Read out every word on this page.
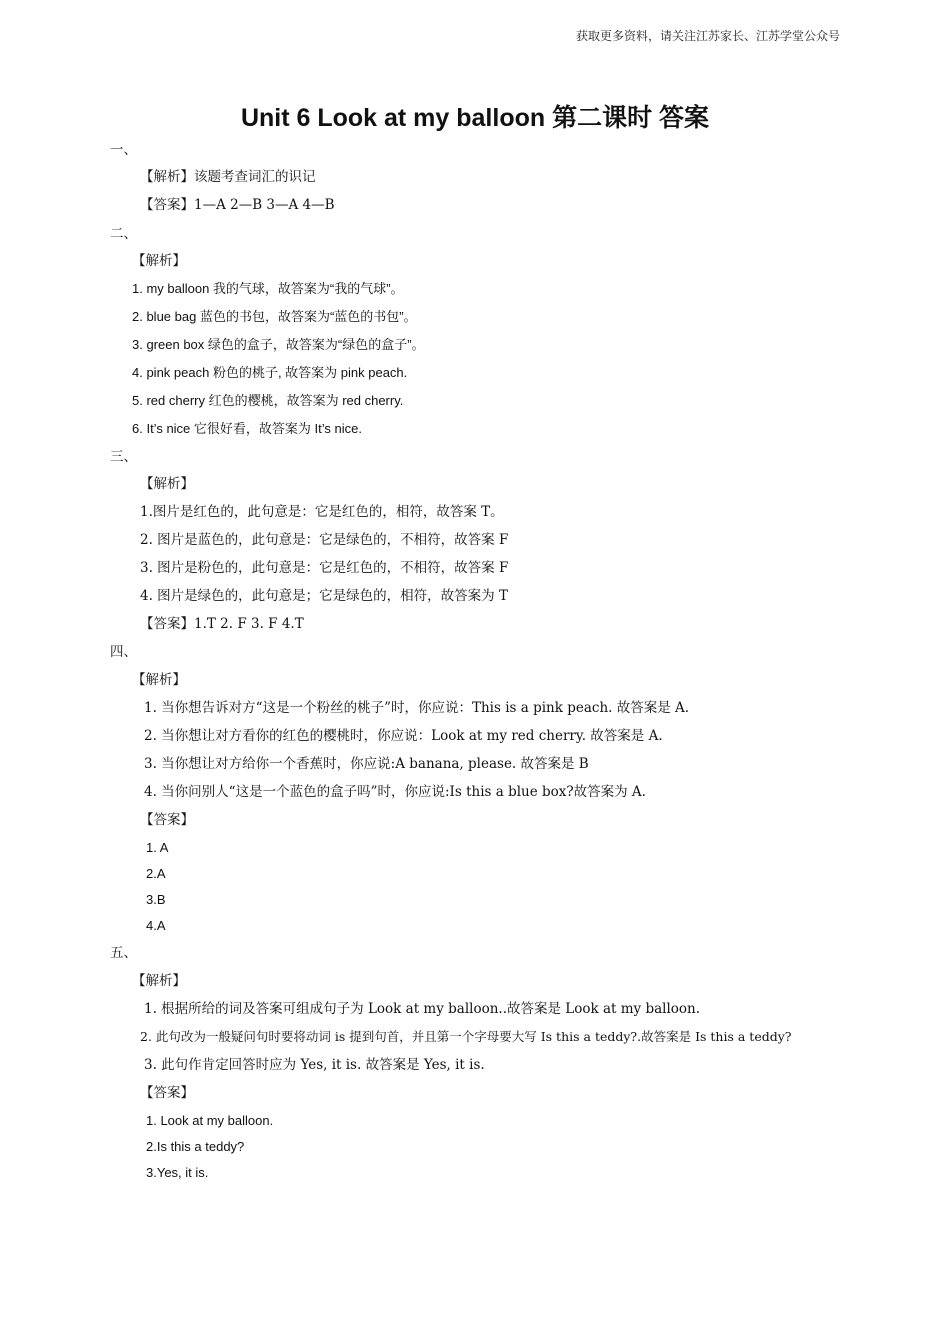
获取更多资料，请关注江苏家长、江苏学堂公众号
Unit 6 Look at my balloon 第二课时 答案
一、
【解析】该题考查词汇的识记
【答案】1—A 2—B 3—A 4—B
二、
【解析】
1. my balloon 我的气球，故答案为“我的气球”。
2. blue bag 蓝色的书包，故答案为“蓝色的书包”。
3. green box 绿色的盒子，故答案为“绿色的盒子”。
4. pink peach 粉色的桃子, 故答案为 pink peach.
5. red cherry 红色的樱桃，故答案为 red cherry.
6. It’s nice 它很好看，故答案为 It’s nice.
三、
【解析】
1.图片是红色的，此句意是：它是红色的，相符，故答案 T。
2. 图片是蓝色的，此句意是：它是绿色的，不相符，故答案 F
3. 图片是粉色的，此句意是：它是红色的，不相符，故答案 F
4. 图片是绿色的，此句意是；它是绿色的，相符，故答案为 T
【答案】1.T 2. F 3. F 4.T
四、
【解析】
1. 当你想告诉对方“这是一个粉丝的桃子”时，你应说：This is a pink peach. 故答案是 A.
2. 当你想让对方看你的红色的樱桃时，你应说：Look at my red cherry. 故答案是 A.
3. 当你想让对方给你一个香蕉时，你应说:A banana, please. 故答案是 B
4. 当你问别人“这是一个蓝色的盒子吗”时，你应说:Is this a blue box?故答案为 A.
【答案】
1. A
2.A
3.B
4.A
五、
【解析】
1. 根据所给的词及答案可组成句子为 Look at my balloon..故答案是 Look at my balloon.
2. 此句改为一般疑问句时要将动词 is 提到句首，并且第一个字母要大写 Is this a teddy?.故答案是 Is this a teddy?
3. 此句作肯定回答时应为 Yes, it is. 故答案是 Yes, it is.
【答案】
1. Look at my balloon.
2.Is this a teddy?
3.Yes, it is.
